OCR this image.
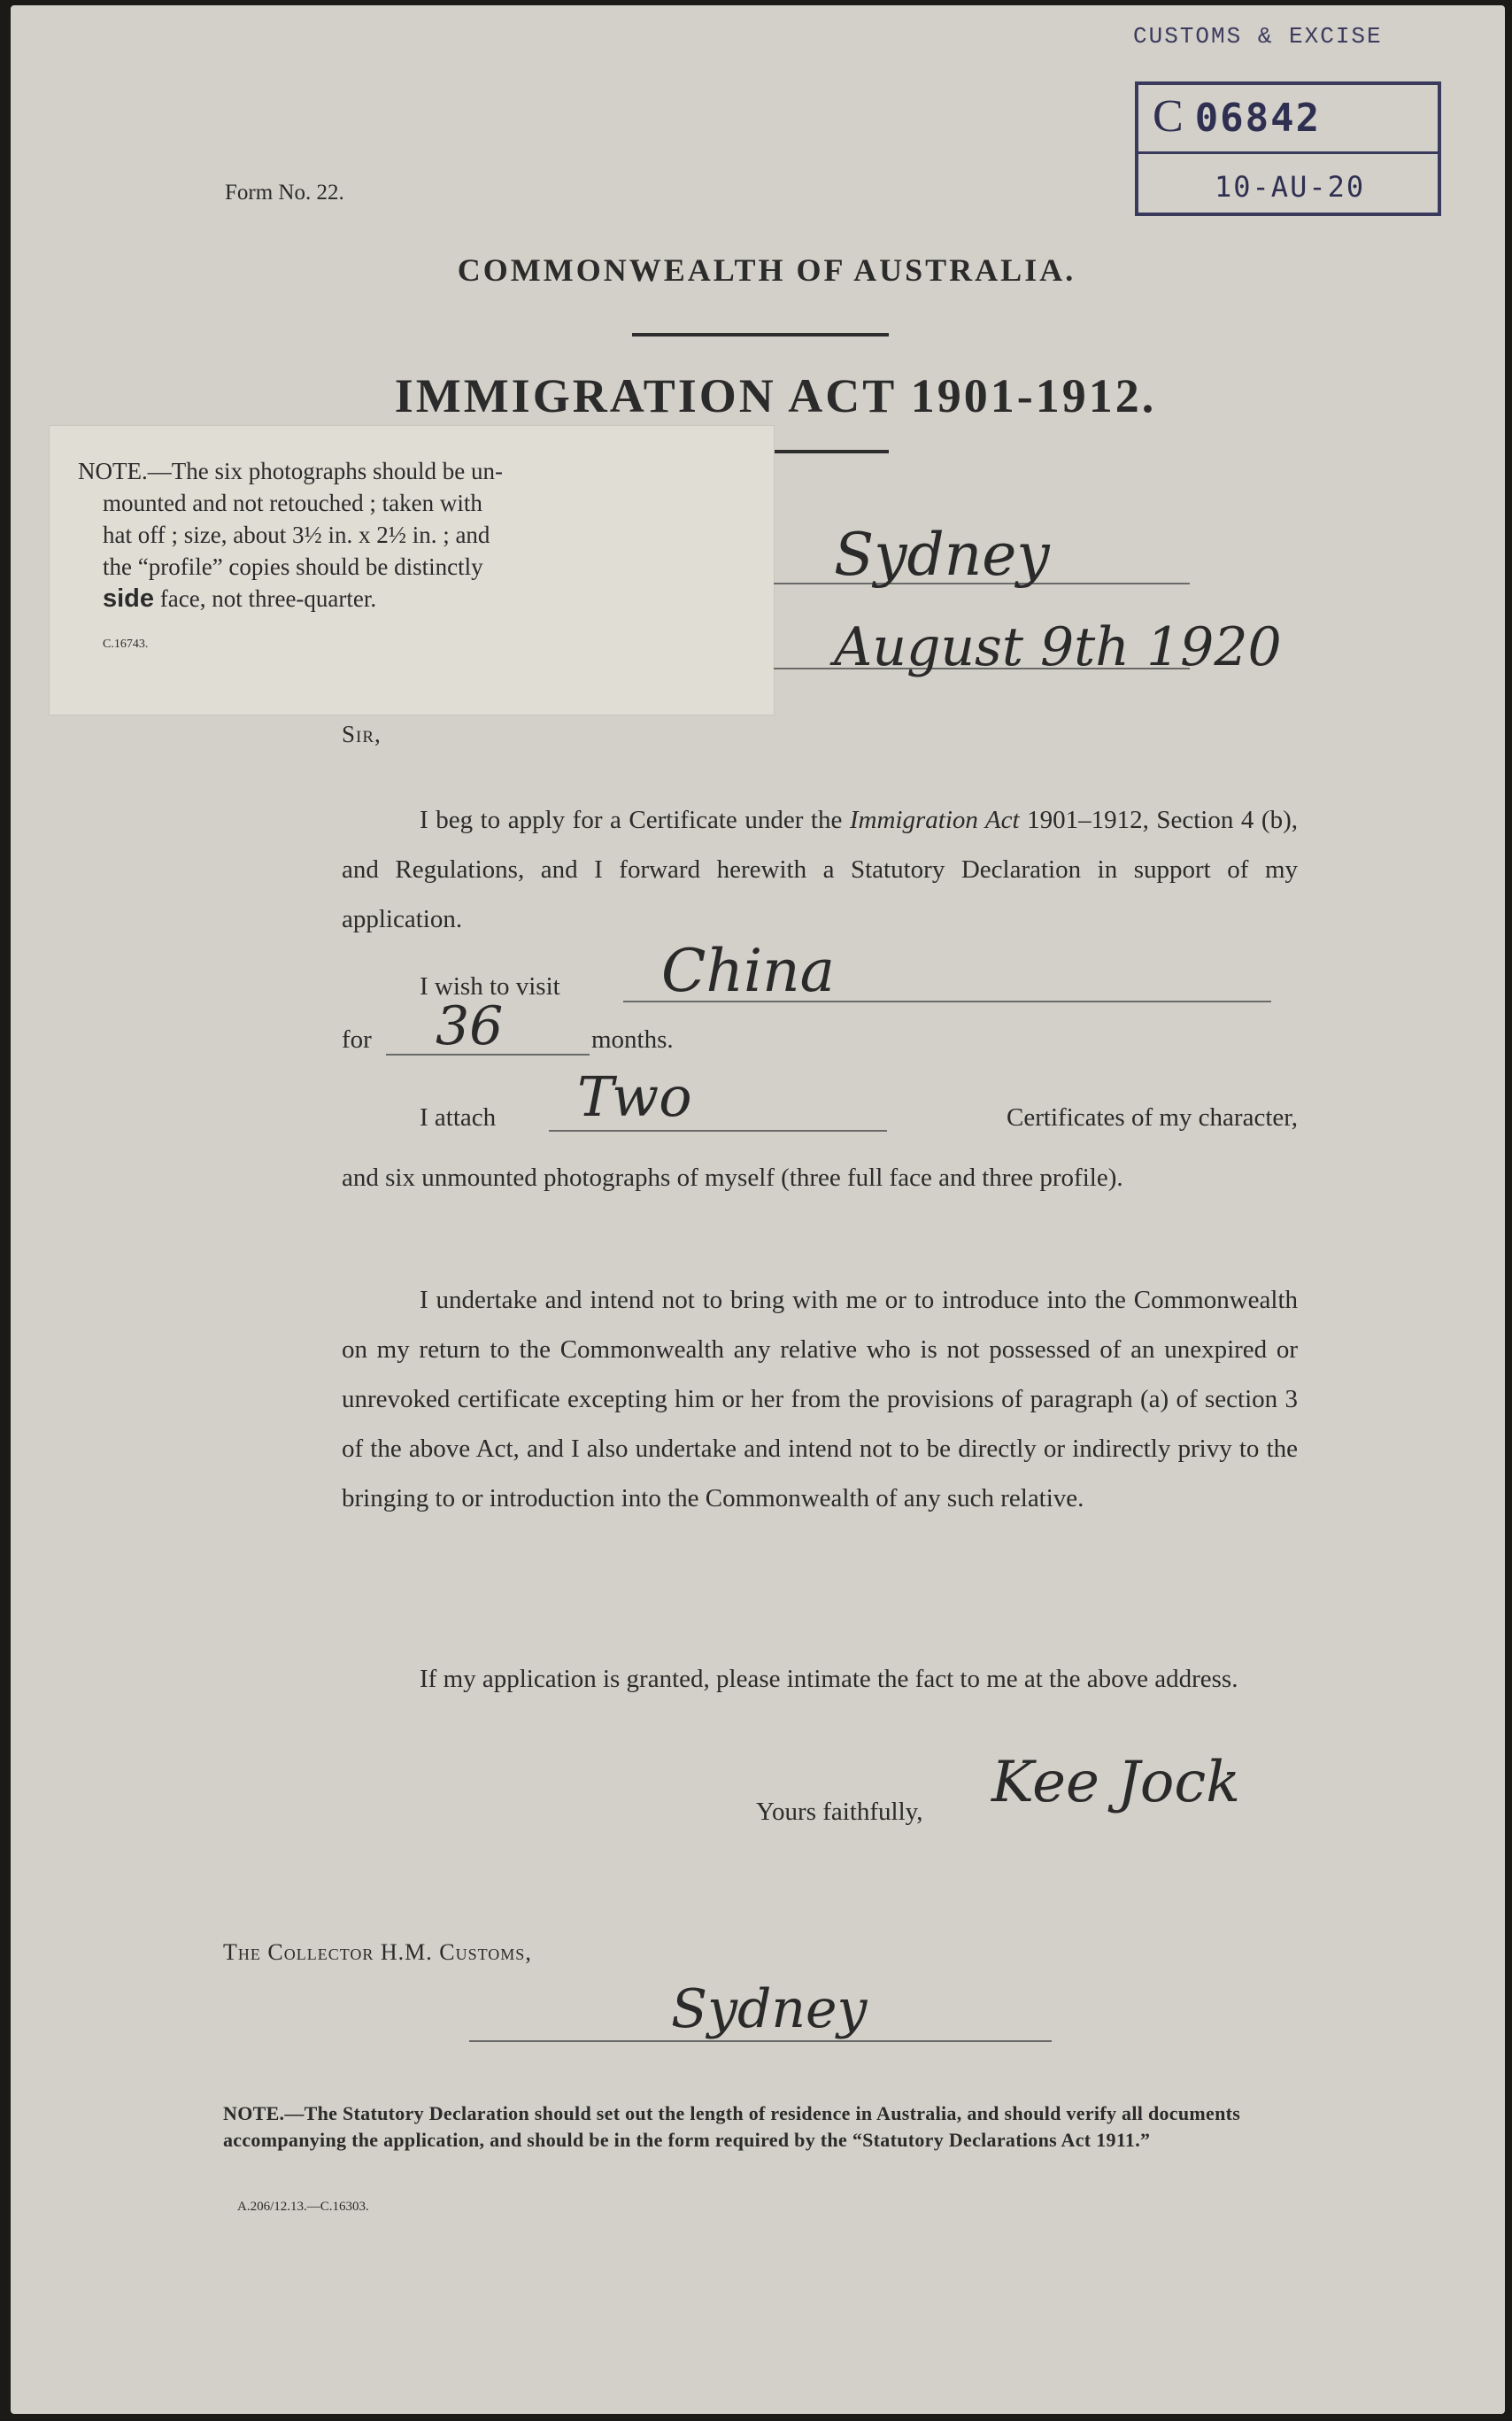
CUSTOMS & EXCISE
C 06842
10-AU-20
Form No. 22.
COMMONWEALTH OF AUSTRALIA.
IMMIGRATION ACT 1901-1912.
NOTE.—The six photographs should be un-
mounted and not retouched ; taken with
hat off ; size, about 3½ in. x 2½ in. ; and
the “profile” copies should be distinctly
side face, not three-quarter.
C.16743.
Sydney
August 9th 1920
Sir,
I beg to apply for a Certificate under the Immigration Act 1901–1912, Section 4 (b), and Regulations, and I forward herewith a Statutory Declaration in support of my application.
I wish to visit China
for 36	months.
I attach Two	Certificates of my character,
and six unmounted photographs of myself (three full face and three profile).
I undertake and intend not to bring with me or to introduce into the Commonwealth on my return to the Commonwealth any relative who is not possessed of an unexpired or unrevoked certificate excepting him or her from the provisions of paragraph (a) of section 3 of the above Act, and I also undertake and intend not to be directly or indirectly privy to the bringing to or introduction into the Commonwealth of any such relative.
If my application is granted, please intimate the fact to me at the above address.
Yours faithfully, Kee Jock
The Collector H.M. Customs,
Sydney
NOTE.—The Statutory Declaration should set out the length of residence in Australia, and should verify all documents accompanying the application, and should be in the form required by the “Statutory Declarations Act 1911.”
A.206/12.13.—C.16303.
